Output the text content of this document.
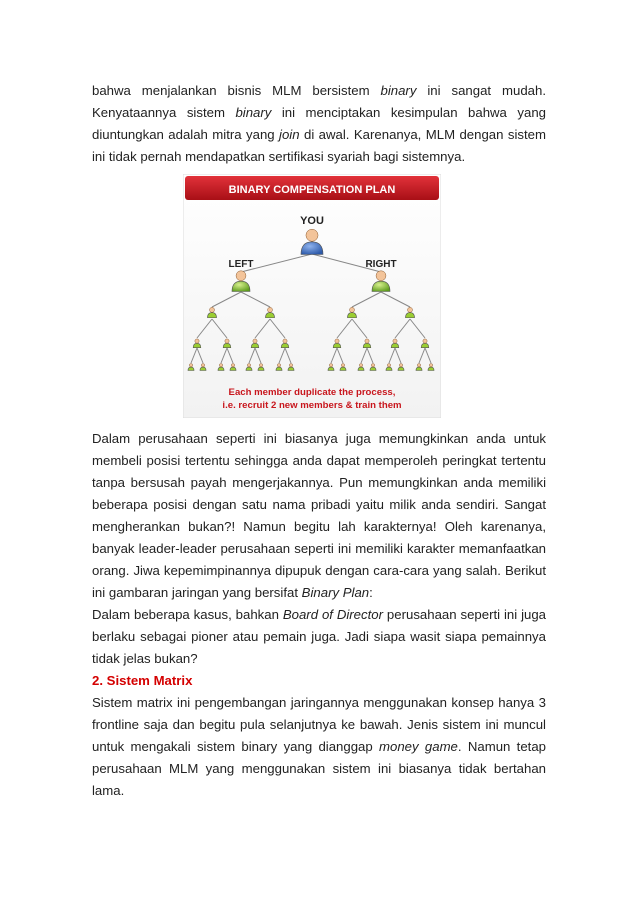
bahwa menjalankan bisnis MLM bersistem binary ini sangat mudah. Kenyataannya sistem binary ini menciptakan kesimpulan bahwa yang diuntungkan adalah mitra yang join di awal. Karenanya, MLM dengan sistem ini tidak pernah mendapatkan sertifikasi syariah bagi sistemnya.

BINARY COMPENSATION PLAN
YOU
LEFT	RIGHT
Each member duplicate the process,
i.e. recruit 2 new members & train them

Dalam perusahaan seperti ini biasanya juga memungkinkan anda untuk membeli posisi tertentu sehingga anda dapat memperoleh peringkat tertentu tanpa bersusah payah mengerjakannya. Pun memungkinkan anda memiliki beberapa posisi dengan satu nama pribadi yaitu milik anda sendiri. Sangat mengherankan bukan?! Namun begitu lah karakternya! Oleh karenanya, banyak leader-leader perusahaan seperti ini memiliki karakter memanfaatkan orang. Jiwa kepemimpinannya dipupuk dengan cara-cara yang salah. Berikut ini gambaran jaringan yang bersifat Binary Plan:

Dalam beberapa kasus, bahkan Board of Director perusahaan seperti ini juga berlaku sebagai pioner atau pemain juga. Jadi siapa wasit siapa pemainnya tidak jelas bukan?

2. Sistem Matrix

Sistem matrix ini pengembangan jaringannya menggunakan konsep hanya 3 frontline saja dan begitu pula selanjutnya ke bawah. Jenis sistem ini muncul untuk mengakali sistem binary yang dianggap money game. Namun tetap perusahaan MLM yang menggunakan sistem ini biasanya tidak bertahan lama.
